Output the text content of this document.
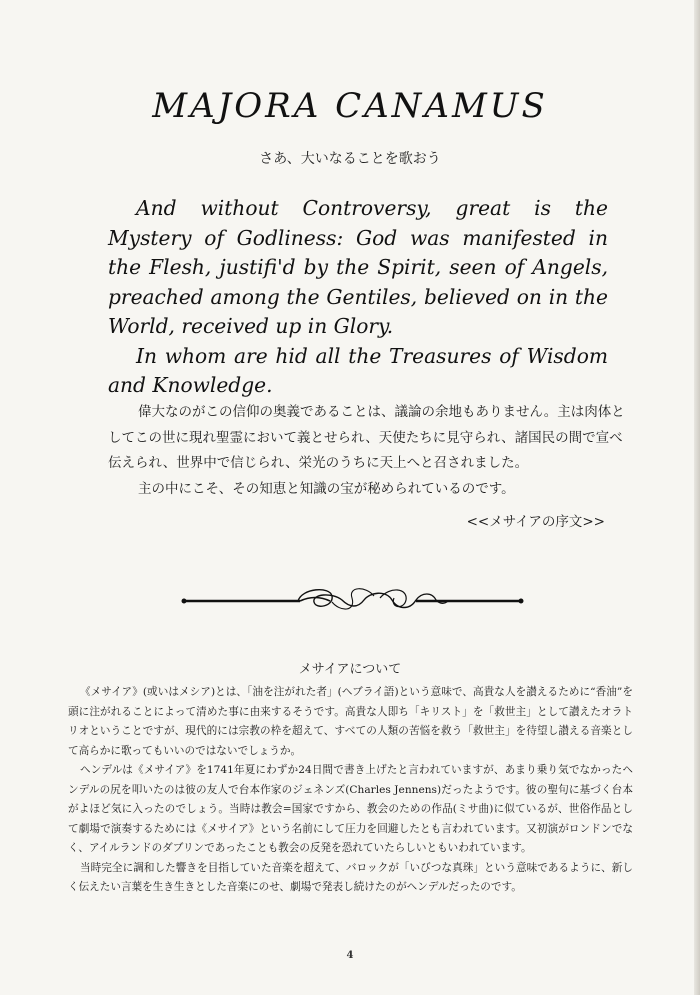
MAJORA CANAMUS
さあ、大いなることを歌おう

And without Controversy, great is the Mystery of Godliness: God was manifested in the Flesh, justifi'd by the Spirit, seen of Angels, preached among the Gentiles, believed on in the World, received up in Glory.

In whom are hid all the Treasures of Wisdom and Knowledge.

偉大なのがこの信仰の奥義であることは、議論の余地もありません。主は肉体としてこの世に現れ聖霊において義とせられ、天使たちに見守られ、諸国民の間で宣べ伝えられ、世界中で信じられ、栄光のうちに天上へと召されました。

主の中にこそ、その知恵と知識の宝が秘められているのです。

<<メサイアの序文>>
メサイアについて

《メサイア》(或いはメシア)とは、「油を注がれた者」(ヘブライ語)という意味で、高貴な人を讃えるために“香油”を頭に注がれることによって清めた事に由来するそうです。高貴な人即ち「キリスト」を「救世主」として讃えたオラトリオということですが、現代的には宗教の枠を超えて、すべての人類の苦悩を救う「救世主」を待望し讃える音楽として高らかに歌ってもいいのではないでしょうか。

ヘンデルは《メサイア》を1741年夏にわずか24日間で書き上げたと言われていますが、あまり乗り気でなかったヘンデルの尻を叩いたのは彼の友人で台本作家のジェネンズ(Charles Jennens)だったようです。彼の聖句に基づく台本がよほど気に入ったのでしょう。当時は教会=国家ですから、教会のための作品(ミサ曲)に似ているが、世俗作品として劇場で演奏するためには《メサイア》という名前にして圧力を回避したとも言われています。又初演がロンドンでなく、アイルランドのダブリンであったことも教会の反発を恐れていたらしいともいわれています。

当時完全に調和した響きを目指していた音楽を超えて、バロックが「いびつな真珠」という意味であるように、新しく伝えたい言葉を生き生きとした音楽にのせ、劇場で発表し続けたのがヘンデルだったのです。

4
